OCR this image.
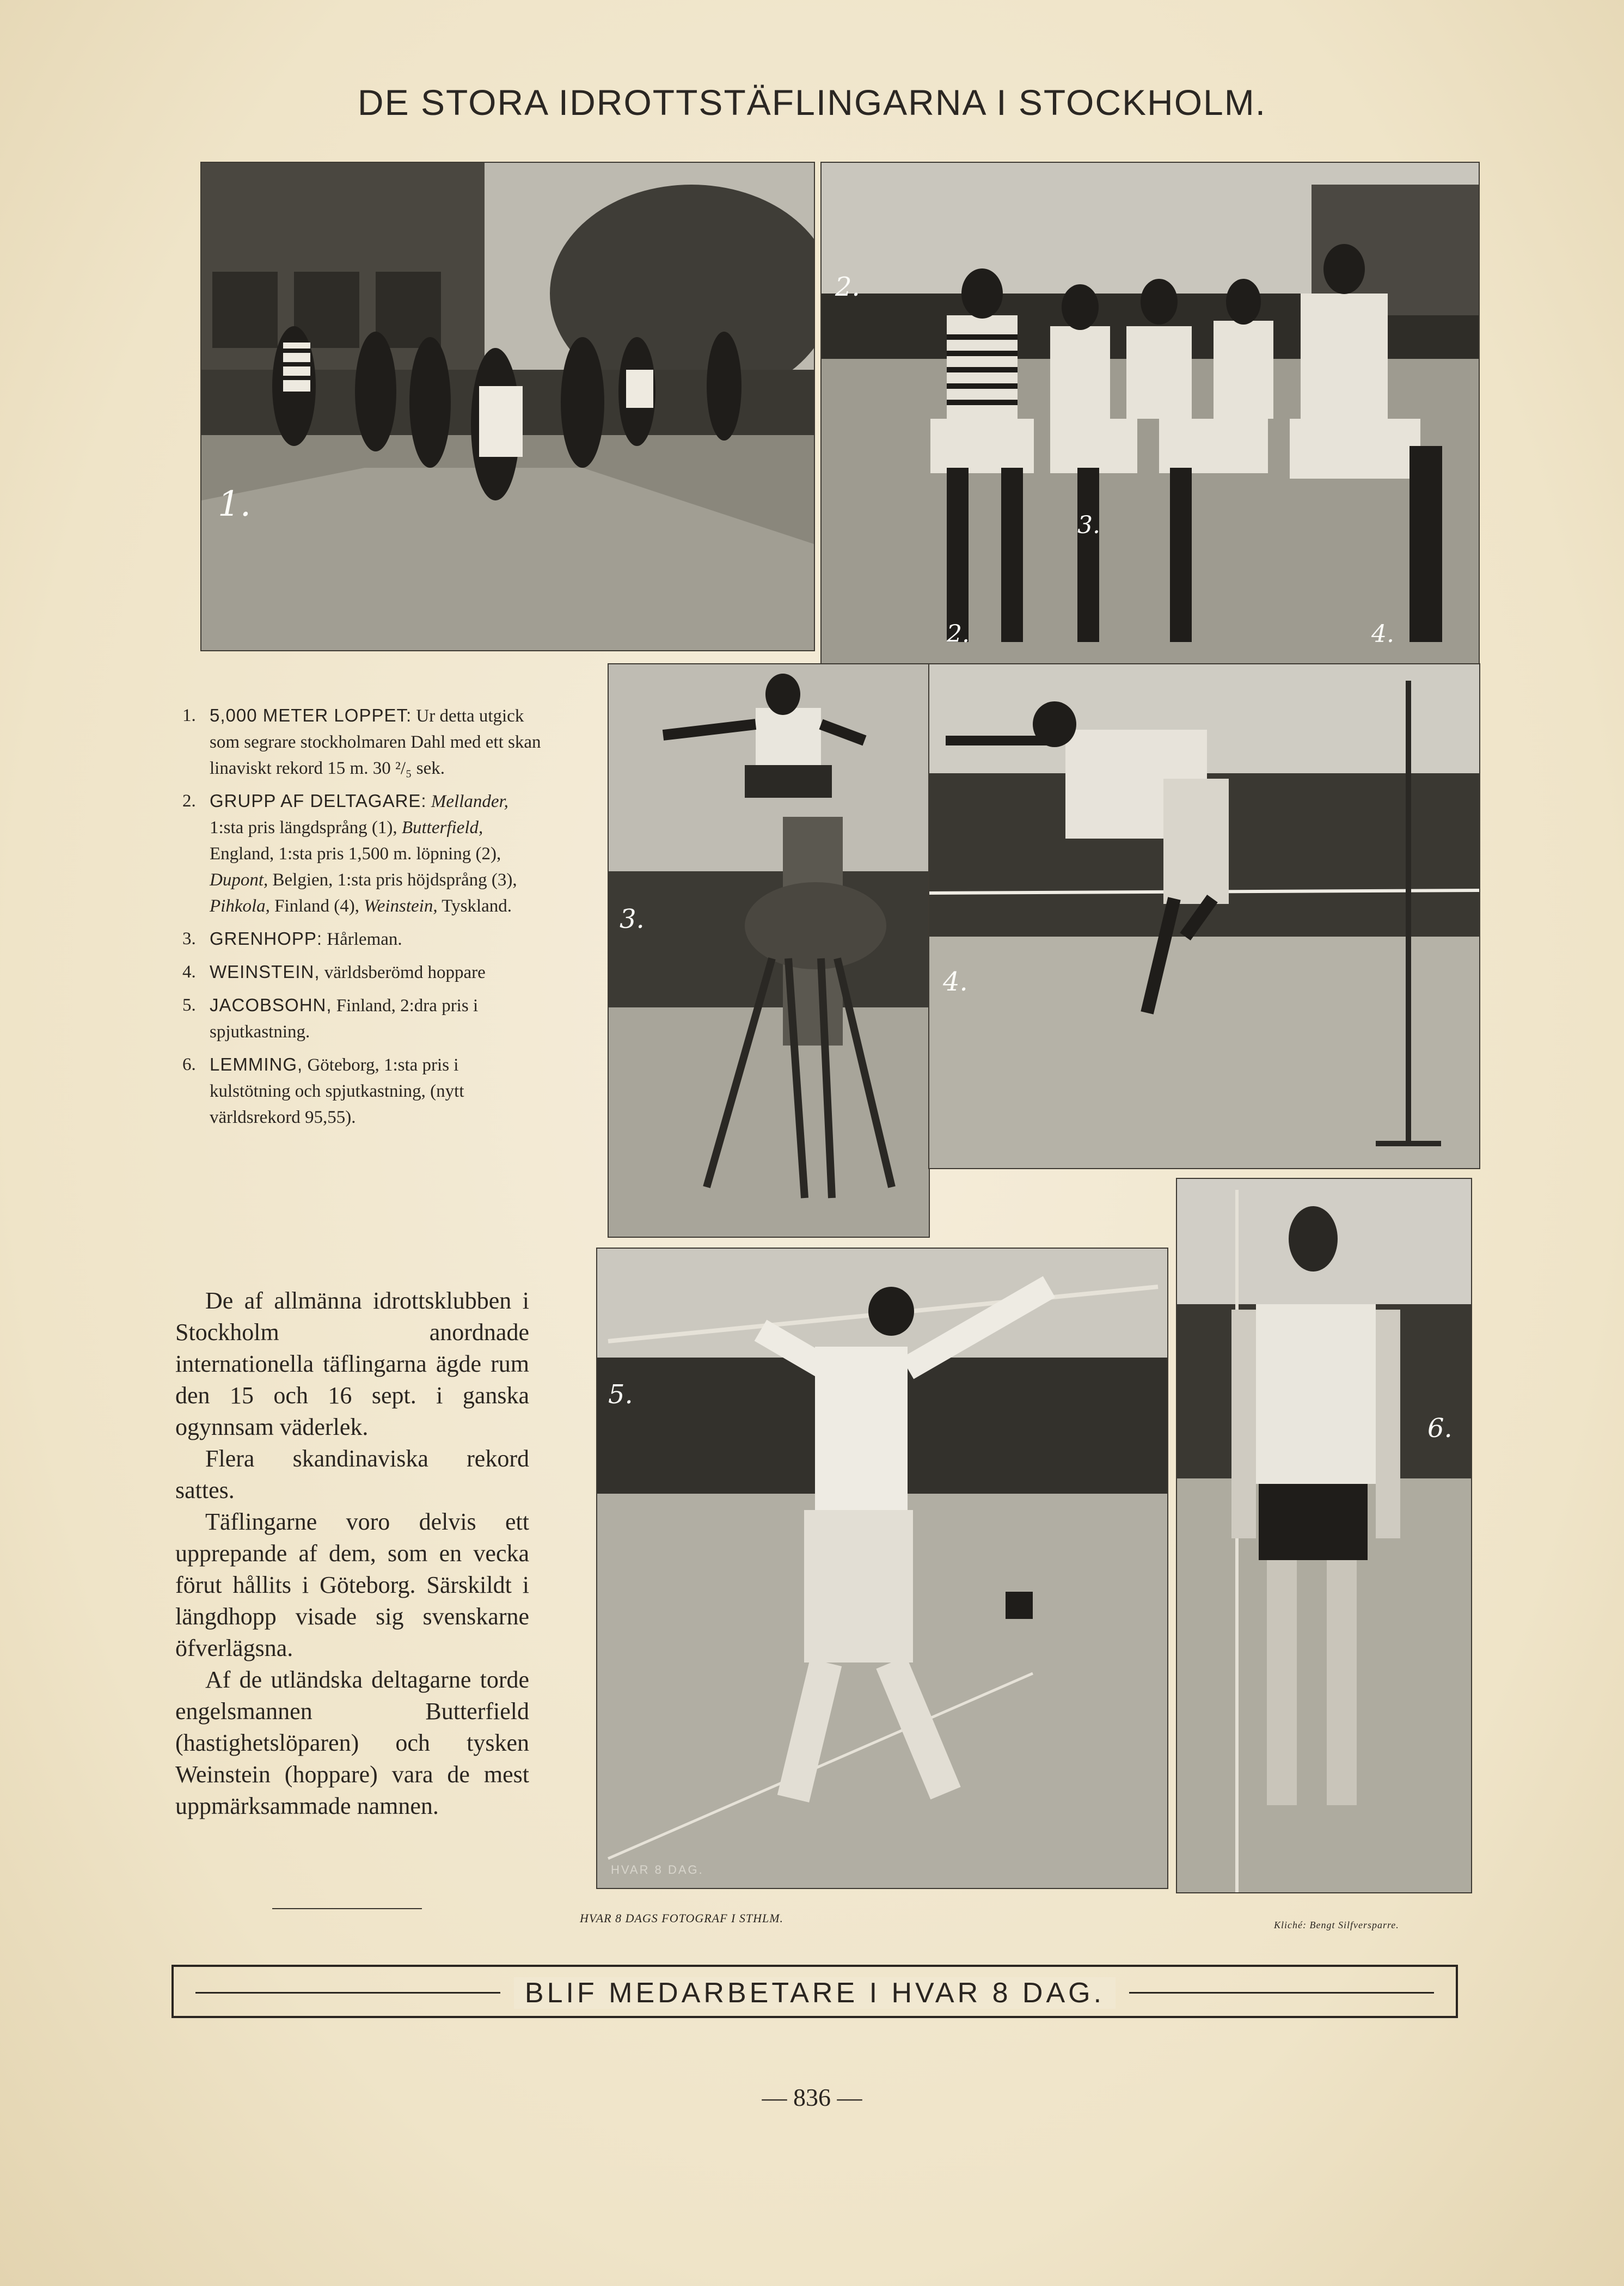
DE STORA IDROTTSTÄFLINGARNA I STOCKHOLM.
1.
2.
2.
3.
4.
3.
4.
5.
HVAR 8 DAG.
6.
1. 5,000 METER LOPPET: Ur detta utgick som segrare stockholmaren Dahl med ett skan linaviskt rekord 15 m. 30 ²/₅ sek.
2. GRUPP AF DELTAGARE: Mellander, 1:sta pris längdsprång (1), Butterfield, England, 1:sta pris 1,500 m. löpning (2), Dupont, Belgien, 1:sta pris höjdsprång (3), Pihkola, Finland (4), Weinstein, Tyskland.
3. GRENHOPP: Hårleman.
4. WEINSTEIN, världsberömd hoppare
5. JACOBSOHN, Finland, 2:dra pris i spjutkastning.
6. LEMMING, Göteborg, 1:sta pris i kulstötning och spjutkastning, (nytt världsrekord 95,55).

De af allmänna idrottsklubben i Stockholm anordnade internationella täflingarna ägde rum den 15 och 16 sept. i ganska ogynnsam väderlek.

Flera skandinaviska rekord sattes.

Täflingarne voro delvis ett upprepande af dem, som en vecka förut hållits i Göteborg. Särskildt i längdhopp visade sig svenskarne öfverlägsna.

Af de utländska deltagarne torde engelsmannen Butterfield (hastighetslöparen) och tysken Weinstein (hoppare) vara de mest uppmärksammade namnen.

HVAR 8 DAGS FOTOGRAF I STHLM.	Kliché: Bengt Silfversparre.
BLIF MEDARBETARE I HVAR 8 DAG.
— 836 —
